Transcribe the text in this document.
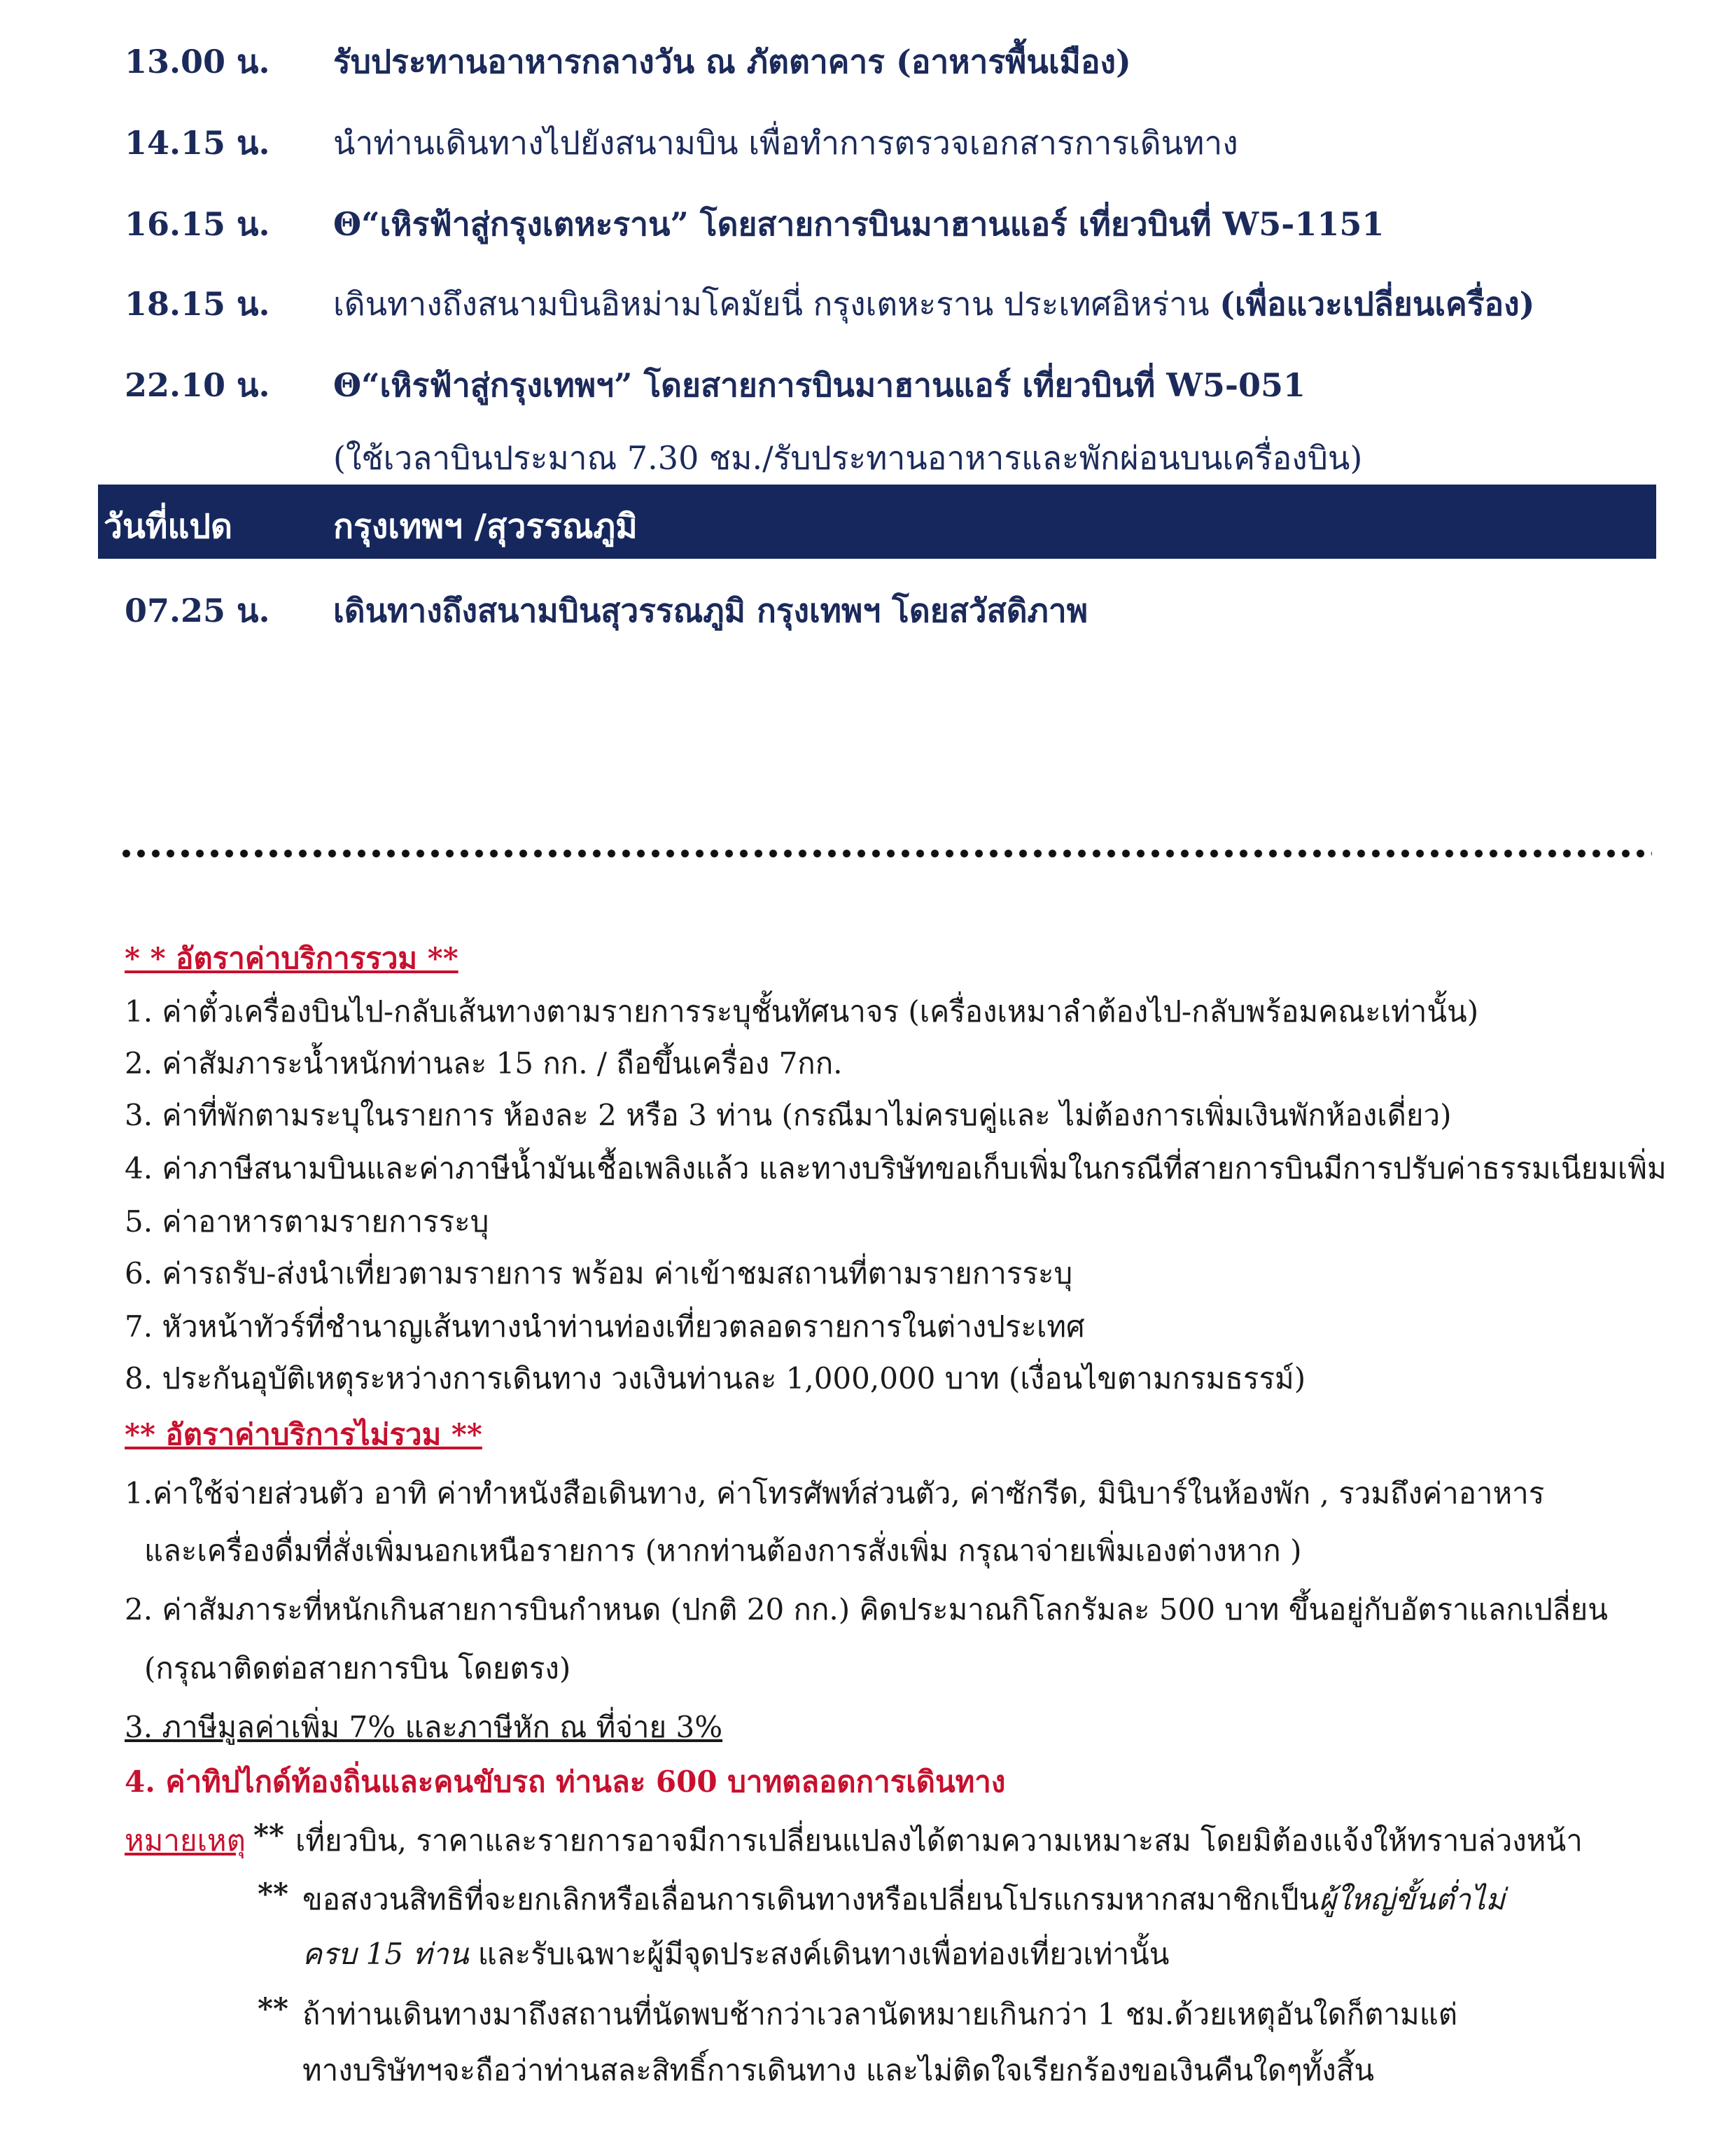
13.00 น. รับประทานอาหารกลางวัน ณ ภัตตาคาร (อาหารพื้นเมือง)
14.15 น. นำท่านเดินทางไปยังสนามบิน เพื่อทำการตรวจเอกสารการเดินทาง
16.15 น. Θ“เหิรฟ้าสู่กรุงเตหะราน” โดยสายการบินมาฮานแอร์ เที่ยวบินที่ W5-1151
18.15 น. เดินทางถึงสนามบินอิหม่ามโคมัยนี่ กรุงเตหะราน ประเทศอิหร่าน (เพื่อแวะเปลี่ยนเครื่อง)
22.10 น. Θ“เหิรฟ้าสู่กรุงเทพฯ” โดยสายการบินมาฮานแอร์ เที่ยวบินที่ W5-051
(ใช้เวลาบินประมาณ 7.30 ชม./รับประทานอาหารและพักผ่อนบนเครื่องบิน)
วันที่แปด	กรุงเทพฯ /สุวรรณภูมิ
07.25 น. เดินทางถึงสนามบินสุวรรณภูมิ กรุงเทพฯ โดยสวัสดิภาพ
* * อัตราค่าบริการรวม **
1. ค่าตั๋วเครื่องบินไป-กลับเส้นทางตามรายการระบุชั้นทัศนาจร (เครื่องเหมาลำต้องไป-กลับพร้อมคณะเท่านั้น)
2. ค่าสัมภาระน้ำหนักท่านละ 15 กก. / ถือขึ้นเครื่อง 7กก.
3. ค่าที่พักตามระบุในรายการ ห้องละ 2 หรือ 3 ท่าน (กรณีมาไม่ครบคู่และ ไม่ต้องการเพิ่มเงินพักห้องเดี่ยว)
4. ค่าภาษีสนามบินและค่าภาษีน้ำมันเชื้อเพลิงแล้ว และทางบริษัทขอเก็บเพิ่มในกรณีที่สายการบินมีการปรับค่าธรรมเนียมเพิ่ม
5. ค่าอาหารตามรายการระบุ
6. ค่ารถรับ-ส่งนำเที่ยวตามรายการ พร้อม ค่าเข้าชมสถานที่ตามรายการระบุ
7. หัวหน้าทัวร์ที่ชำนาญเส้นทางนำท่านท่องเที่ยวตลอดรายการในต่างประเทศ
8. ประกันอุบัติเหตุระหว่างการเดินทาง วงเงินท่านละ 1,000,000 บาท (เงื่อนไขตามกรมธรรม์)
** อัตราค่าบริการไม่รวม **
1.ค่าใช้จ่ายส่วนตัว อาทิ ค่าทำหนังสือเดินทาง, ค่าโทรศัพท์ส่วนตัว, ค่าซักรีด, มินิบาร์ในห้องพัก , รวมถึงค่าอาหาร
และเครื่องดื่มที่สั่งเพิ่มนอกเหนือรายการ (หากท่านต้องการสั่งเพิ่ม กรุณาจ่ายเพิ่มเองต่างหาก )
2. ค่าสัมภาระที่หนักเกินสายการบินกำหนด (ปกติ 20 กก.) คิดประมาณกิโลกรัมละ 500 บาท ขึ้นอยู่กับอัตราแลกเปลี่ยน
(กรุณาติดต่อสายการบิน โดยตรง)
3. ภาษีมูลค่าเพิ่ม 7% และภาษีหัก ณ ที่จ่าย 3%
4. ค่าทิปไกด์ท้องถิ่นและคนขับรถ ท่านละ 600 บาทตลอดการเดินทาง
หมายเหตุ ** เที่ยวบิน, ราคาและรายการอาจมีการเปลี่ยนแปลงได้ตามความเหมาะสม โดยมิต้องแจ้งให้ทราบล่วงหน้า
** ขอสงวนสิทธิที่จะยกเลิกหรือเลื่อนการเดินทางหรือเปลี่ยนโปรแกรมหากสมาชิกเป็นผู้ใหญ่ขั้นต่ำไม่
ครบ 15 ท่าน และรับเฉพาะผู้มีจุดประสงค์เดินทางเพื่อท่องเที่ยวเท่านั้น
** ถ้าท่านเดินทางมาถึงสถานที่นัดพบช้ากว่าเวลานัดหมายเกินกว่า 1 ชม.ด้วยเหตุอันใดก็ตามแต่
ทางบริษัทฯจะถือว่าท่านสละสิทธิ์การเดินทาง และไม่ติดใจเรียกร้องขอเงินคืนใดๆทั้งสิ้น
